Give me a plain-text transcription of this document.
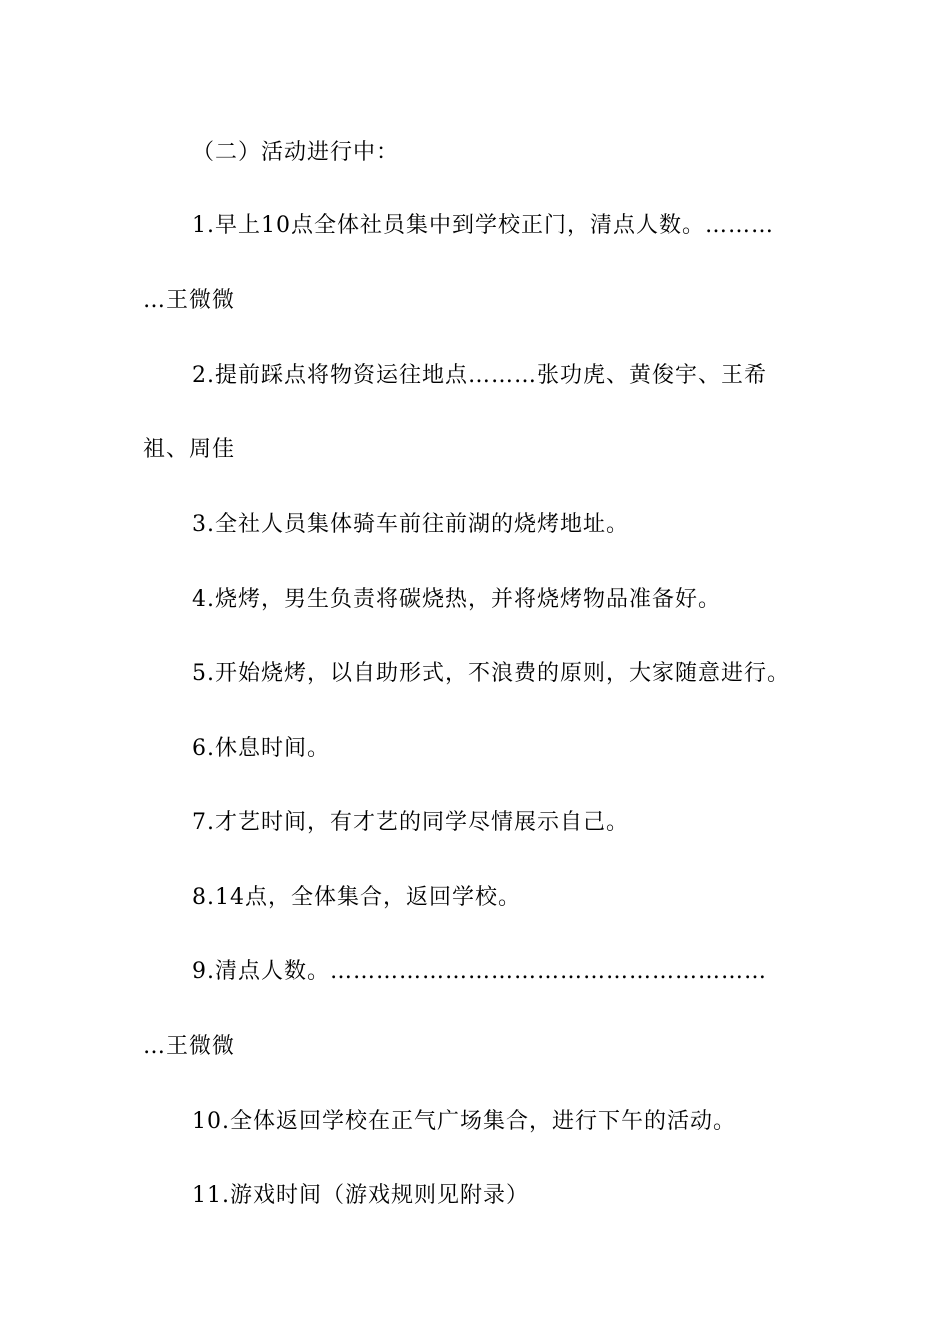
（二）活动进行中：
1.早上10点全体社员集中到学校正门，清点人数。………
…王微微
2.提前踩点将物资运往地点………张功虎、黄俊宇、王希
祖、周佳
3.全社人员集体骑车前往前湖的烧烤地址。
4.烧烤，男生负责将碳烧热，并将烧烤物品准备好。
5.开始烧烤，以自助形式，不浪费的原则，大家随意进行。
6.休息时间。
7.才艺时间，有才艺的同学尽情展示自己。
8.14点，全体集合，返回学校。
9.清点人数。…………………………………………………
…王微微
10.全体返回学校在正气广场集合，进行下午的活动。
11.游戏时间（游戏规则见附录）
